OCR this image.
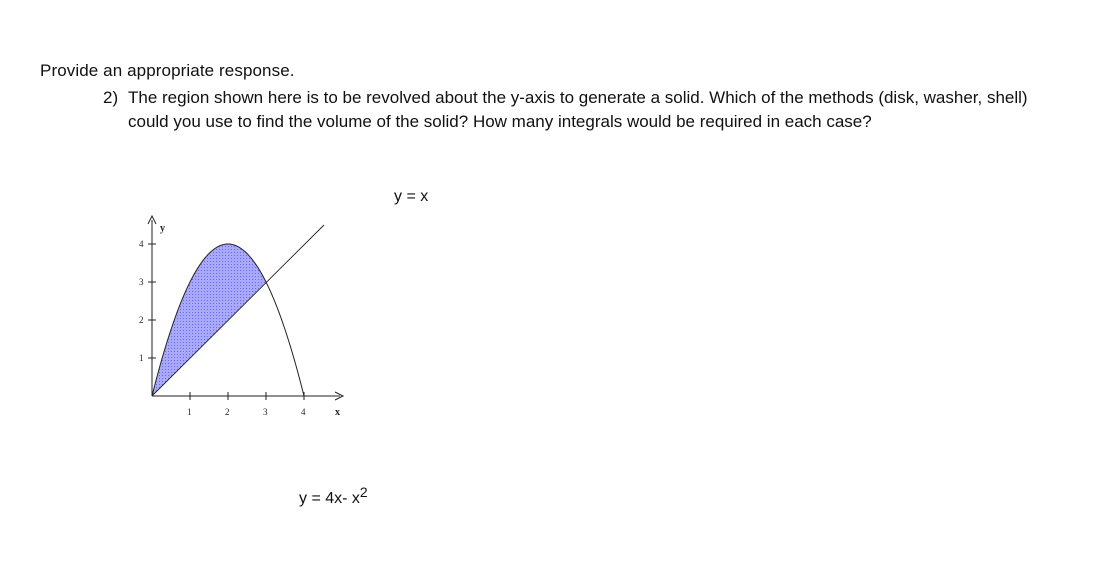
Provide an appropriate response.
2) The region shown here is to be revolved about the y-axis to generate a solid. Which of the methods (disk, washer, shell) could you use to find the volume of the solid? How many integrals would be required in each case?
y = x
y = 4x- $x^2$
1	2	3	4
1
2
3
4
y
x
